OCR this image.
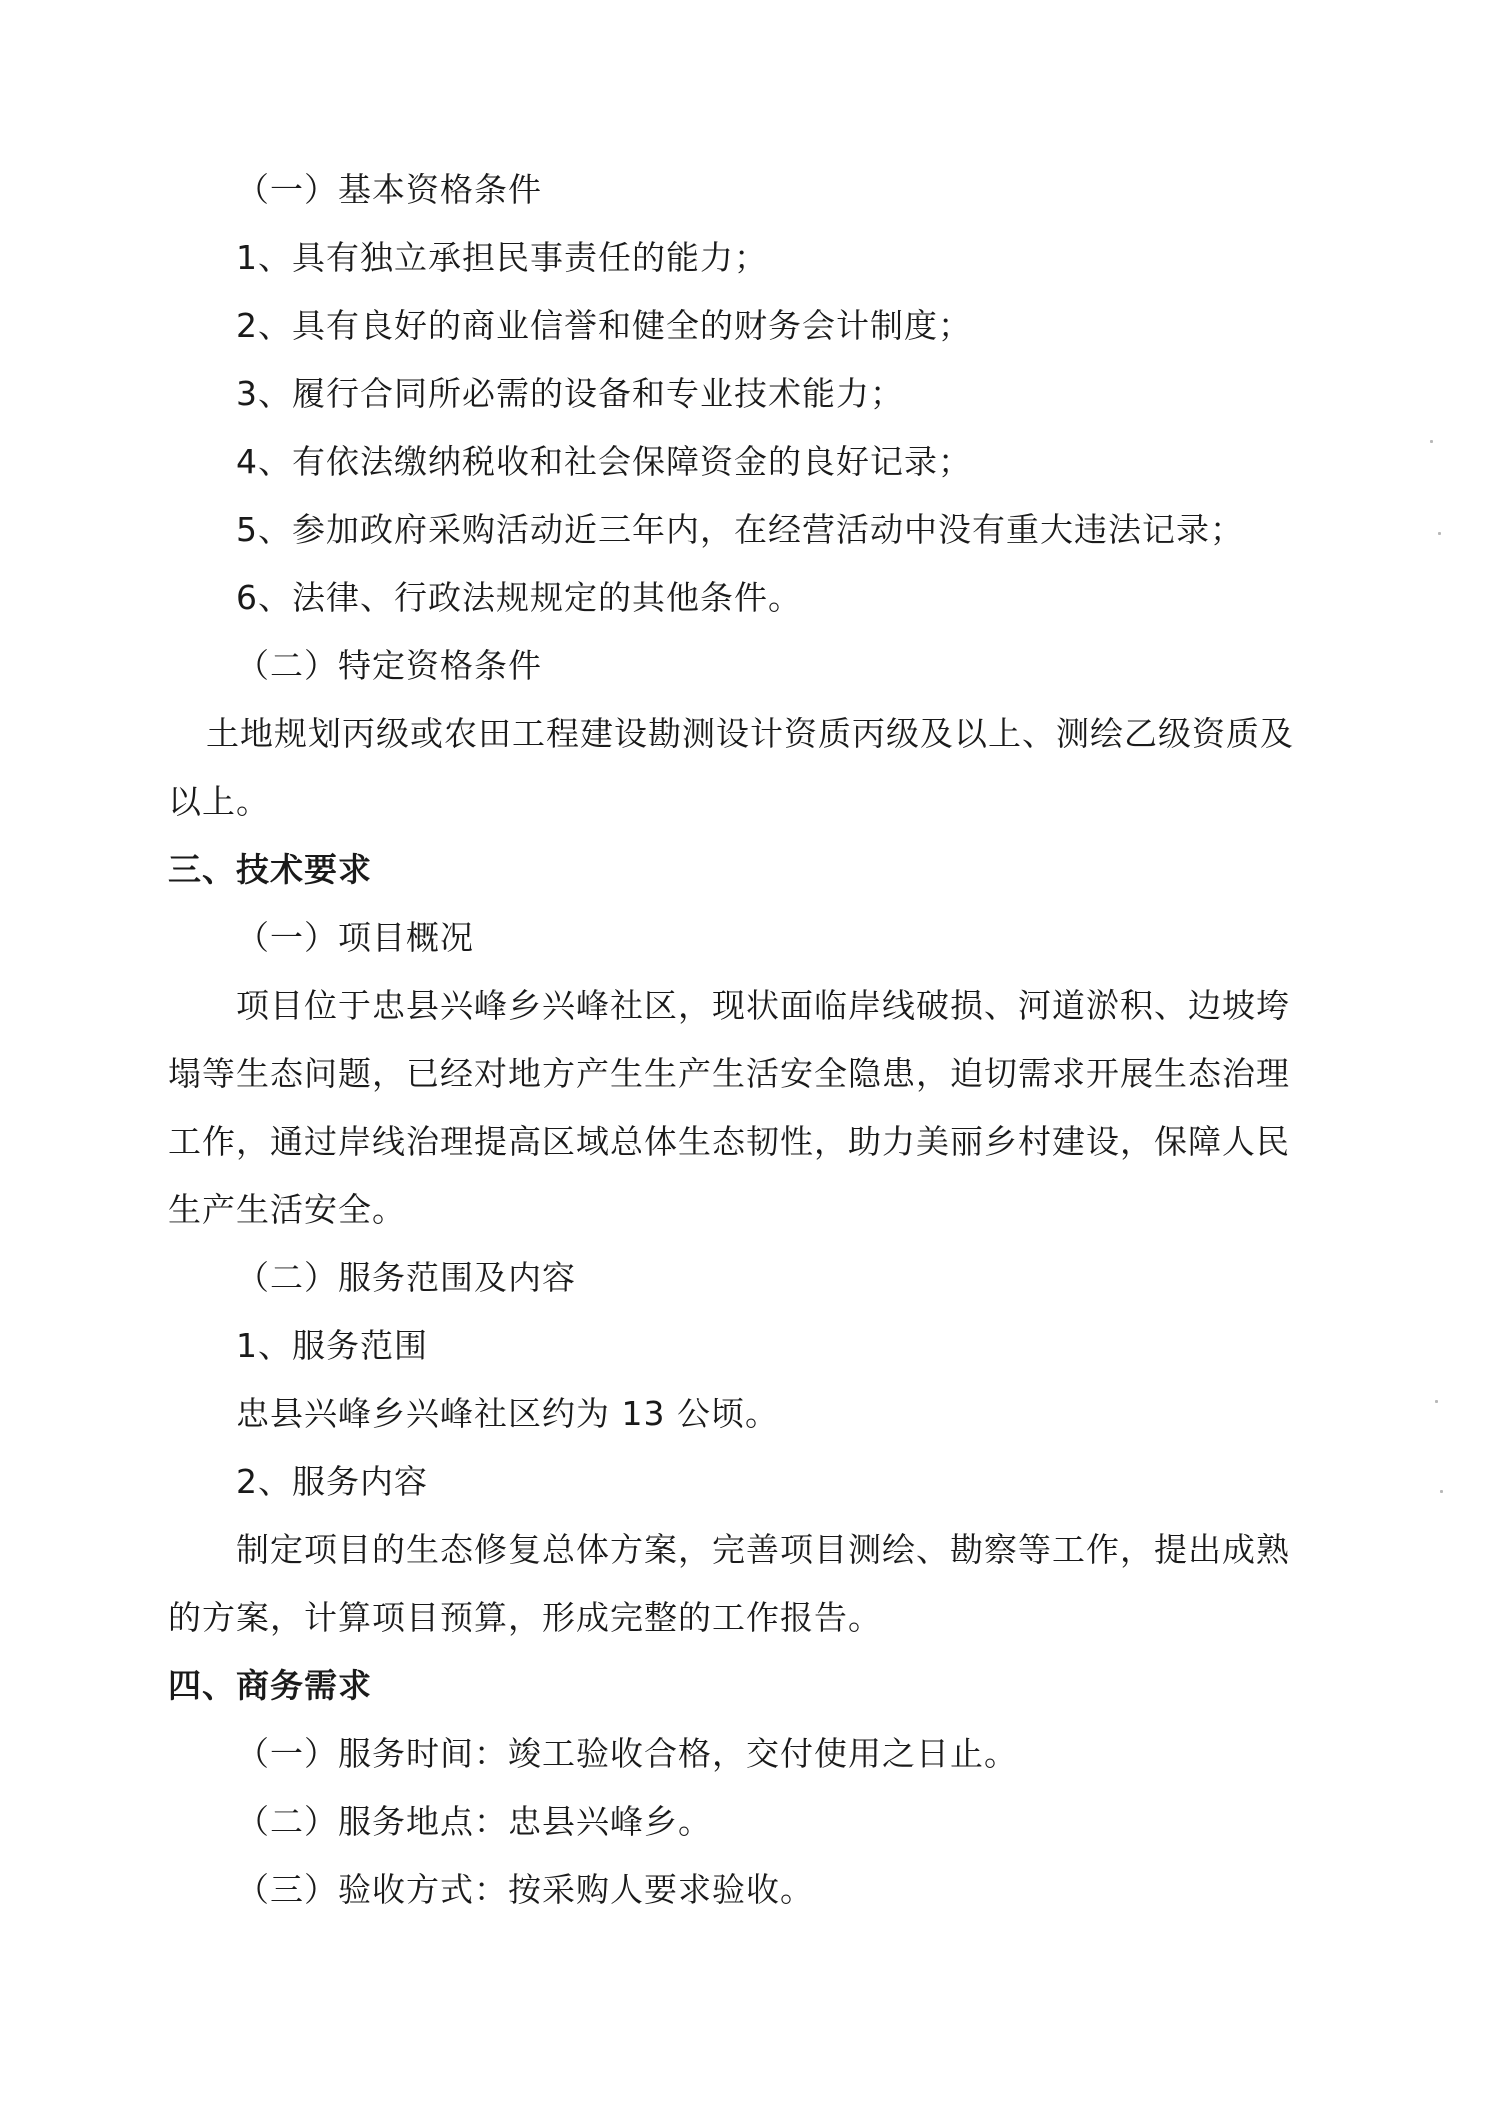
（一）基本资格条件
1、具有独立承担民事责任的能力；
2、具有良好的商业信誉和健全的财务会计制度；
3、履行合同所必需的设备和专业技术能力；
4、有依法缴纳税收和社会保障资金的良好记录；
5、参加政府采购活动近三年内，在经营活动中没有重大违法记录；
6、法律、行政法规规定的其他条件。
（二）特定资格条件
土地规划丙级或农田工程建设勘测设计资质丙级及以上、测绘乙级资质及
以上。
三、技术要求
（一）项目概况
项目位于忠县兴峰乡兴峰社区，现状面临岸线破损、河道淤积、边坡垮
塌等生态问题，已经对地方产生生产生活安全隐患，迫切需求开展生态治理
工作，通过岸线治理提高区域总体生态韧性，助力美丽乡村建设，保障人民
生产生活安全。
（二）服务范围及内容
1、服务范围
忠县兴峰乡兴峰社区约为 13 公顷。
2、服务内容
制定项目的生态修复总体方案，完善项目测绘、勘察等工作，提出成熟
的方案，计算项目预算，形成完整的工作报告。
四、商务需求
（一）服务时间：竣工验收合格，交付使用之日止。
（二）服务地点：忠县兴峰乡。
（三）验收方式：按采购人要求验收。
